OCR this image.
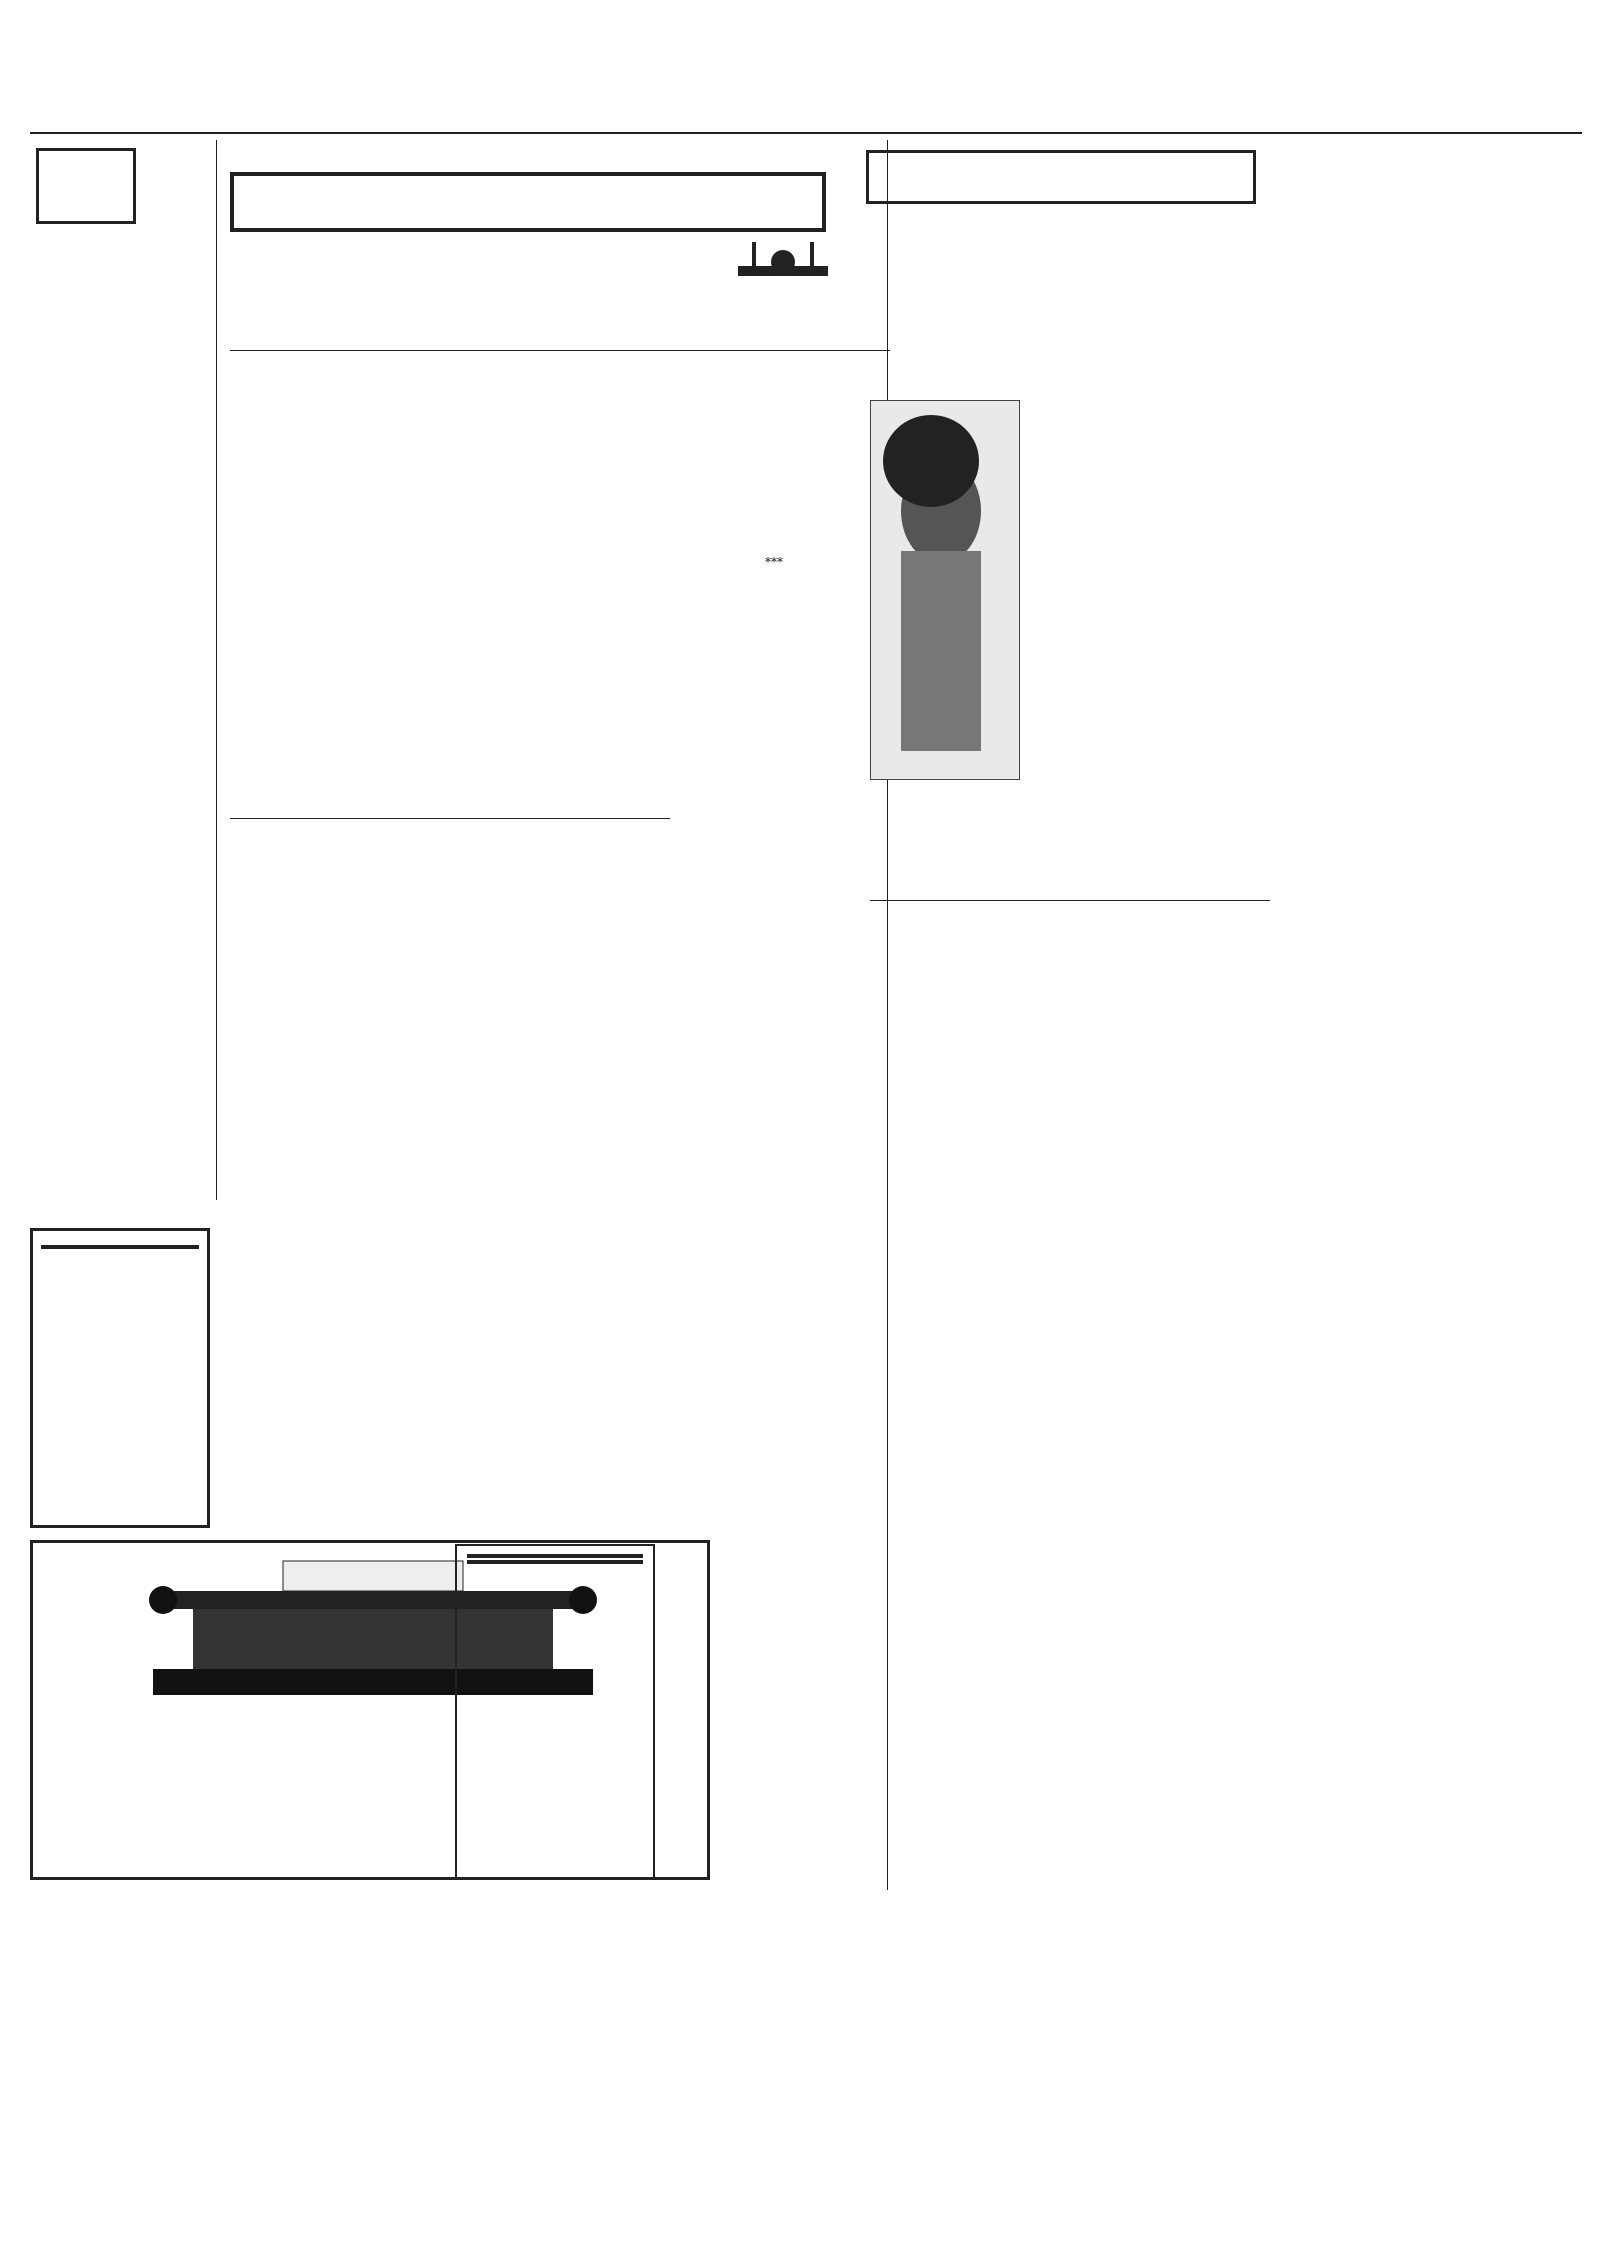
***
